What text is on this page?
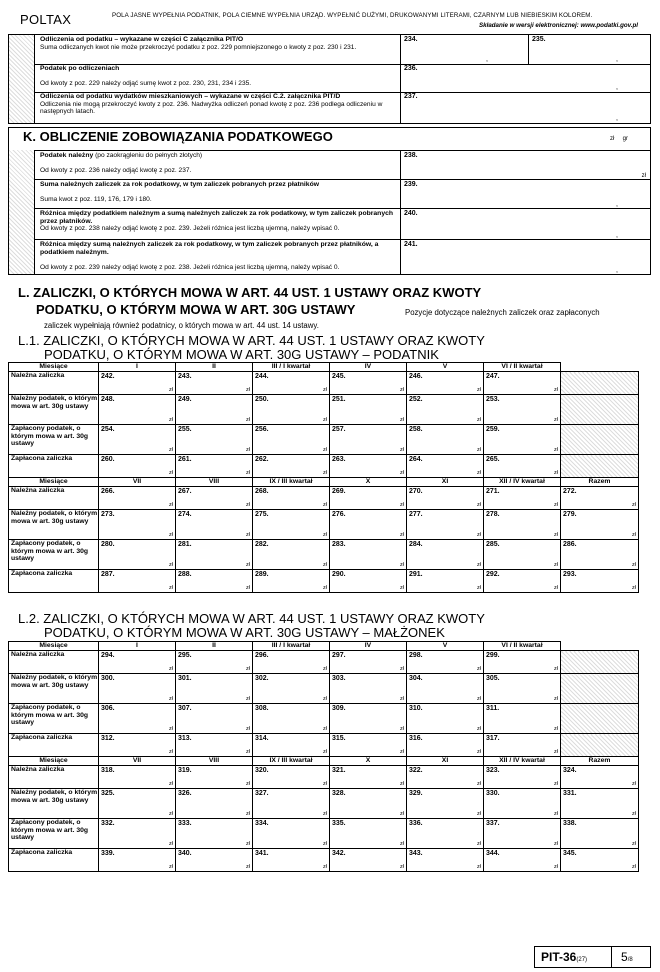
POLTAX	POLA JASNE WYPEŁNIA PODATNIK, POLA CIEMNE WYPEŁNIA URZĄD. WYPEŁNIĆ DUŻYMI, DRUKOWANYMI LITERAMI, CZARNYM LUB NIEBIESKIM KOLOREM.
Składanie w wersji elektronicznej: www.podatki.gov.pl
Odliczenia od podatku – wykazane w części C załącznika PIT/O
Suma odliczanych kwot nie może przekroczyć podatku z poz. 229 pomniejszonego o kwoty z poz. 230 i 231.
234.
,
235.
,
Podatek po odliczeniach

Od kwoty z poz. 229 należy odjąć sumę kwot z poz. 230, 231, 234 i 235.
236.
,
Odliczenia od podatku wydatków mieszkaniowych – wykazane w części C.2. załącznika PIT/D
Odliczenia nie mogą przekroczyć kwoty z poz. 236. Nadwyżka odliczeń ponad kwotę z poz. 236 podlega odliczeniu w następnych latach.
237.
,
K. OBLICZENIE ZOBOWIĄZANIA PODATKOWEGO	zł gr
Podatek należny (po zaokrągleniu do pełnych złotych)

Od kwoty z poz. 236 należy odjąć kwotę z poz. 237.
238.
zł
Suma należnych zaliczek za rok podatkowy, w tym zaliczek pobranych przez płatników

Suma kwot z poz. 119, 176, 179 i 180.
239.
,
Różnica między podatkiem należnym a sumą należnych zaliczek za rok podatkowy, w tym zaliczek pobranych przez płatników.
Od kwoty z poz. 238 należy odjąć kwotę z poz. 239. Jeżeli różnica jest liczbą ujemną, należy wpisać 0.
240.
,
Różnica między sumą należnych zaliczek za rok podatkowy, w tym zaliczek pobranych przez płatników, a podatkiem należnym.

Od kwoty z poz. 239 należy odjąć kwotę z poz. 238. Jeżeli różnica jest liczbą ujemną, należy wpisać 0.
241.
,
L. ZALICZKI, O KTÓRYCH MOWA W ART. 44 UST. 1 USTAWY ORAZ KWOTY
PODATKU, O KTÓRYM MOWA W ART. 30G USTAWY	Pozycje dotyczące należnych zaliczek oraz zapłaconych
zaliczek wypełniają również podatnicy, o których mowa w art. 44 ust. 14 ustawy.
L.1. ZALICZKI, O KTÓRYCH MOWA W ART. 44 UST. 1 USTAWY ORAZ KWOTY
PODATKU, O KTÓRYM MOWA W ART. 30G USTAWY – PODATNIK
Miesiące	I	II	III / I kwartał	IV	V	VI / II kwartał	
Należna zaliczka	242.
zł	243.
zł	244.
zł	245.
zł	246.
zł	247.
zł	

Należny podatek, o którym mowa w art. 30g ustawy	248.
zł	249.
zł	250.
zł	251.
zł	252.
zł	253.
zł	

Zapłacony podatek, o którym mowa w art. 30g ustawy	254.
zł	255.
zł	256.
zł	257.
zł	258.
zł	259.
zł	

Zapłacona zaliczka	260.
zł	261.
zł	262.
zł	263.
zł	264.
zł	265.
zł	

Miesiące	VII	VIII	IX / III kwartał	X	XI	XII / IV kwartał	Razem
Należna zaliczka	266.
zł	267.
zł	268.
zł	269.
zł	270.
zł	271.
zł	272.
zł

Należny podatek, o którym mowa w art. 30g ustawy	273.
zł	274.
zł	275.
zł	276.
zł	277.
zł	278.
zł	279.
zł

Zapłacony podatek, o którym mowa w art. 30g ustawy	280.
zł	281.
zł	282.
zł	283.
zł	284.
zł	285.
zł	286.
zł

Zapłacona zaliczka	287.
zł	288.
zł	289.
zł	290.
zł	291.
zł	292.
zł	293.
zł
L.2. ZALICZKI, O KTÓRYCH MOWA W ART. 44 UST. 1 USTAWY ORAZ KWOTY
PODATKU, O KTÓRYM MOWA W ART. 30G USTAWY – MAŁŻONEK
Miesiące	I	II	III / I kwartał	IV	V	VI / II kwartał	
Należna zaliczka	294.
zł	295.
zł	296.
zł	297.
zł	298.
zł	299.
zł	

Należny podatek, o którym mowa w art. 30g ustawy	300.
zł	301.
zł	302.
zł	303.
zł	304.
zł	305.
zł	

Zapłacony podatek, o którym mowa w art. 30g ustawy	306.
zł	307.
zł	308.
zł	309.
zł	310.
zł	311.
zł	

Zapłacona zaliczka	312.
zł	313.
zł	314.
zł	315.
zł	316.
zł	317.
zł	

Miesiące	VII	VIII	IX / III kwartał	X	XI	XII / IV kwartał	Razem
Należna zaliczka	318.
zł	319.
zł	320.
zł	321.
zł	322.
zł	323.
zł	324.
zł

Należny podatek, o którym mowa w art. 30g ustawy	325.
zł	326.
zł	327.
zł	328.
zł	329.
zł	330.
zł	331.
zł

Zapłacony podatek, o którym mowa w art. 30g ustawy	332.
zł	333.
zł	334.
zł	335.
zł	336.
zł	337.
zł	338.
zł

Zapłacona zaliczka	339.
zł	340.
zł	341.
zł	342.
zł	343.
zł	344.
zł	345.
zł
PIT-36(27)	5/8
